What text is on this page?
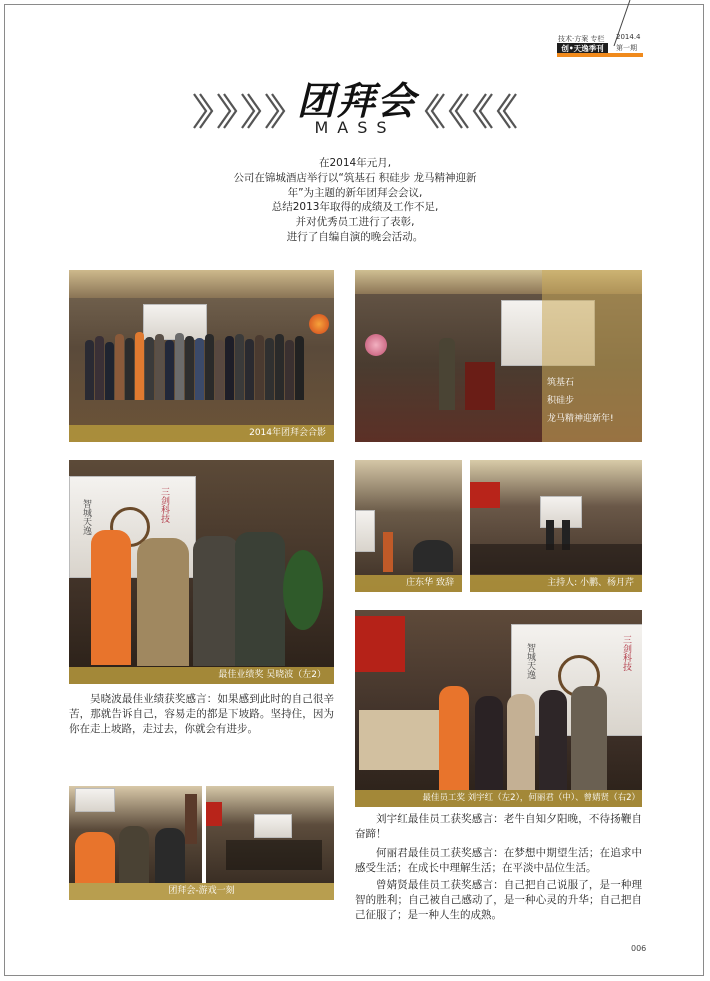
技术·方案 专栏
创•天逸季刊
2014.4
第一期
团拜会
MASS
在2014年元月,
公司在锦城酒店举行以“筑基石 积硅步 龙马精神迎新
年”为主题的新年团拜会会议,
总结2013年取得的成绩及工作不足,
并对优秀员工进行了表彰,
进行了自编自演的晚会活动。
2014年团拜会合影
筑基石
积硅步
龙马精神迎新年!
智城天逸	三剑科技
最佳业绩奖 吴晓波（左2）
庄东华 致辞	主持人: 小鹏、杨月芹
智城天逸	三剑科技
最佳员工奖 刘宇红（左2），何丽君（中）、曾婧贤（右2）
团拜会-游戏一刻
吴晓波最佳业绩获奖感言：如果感到此时的自己很辛苦，那就告诉自己，容易走的都是下坡路。坚持住，因为你在走上坡路，走过去，你就会有进步。
刘宇红最佳员工获奖感言：老牛自知夕阳晚，不待扬鞭自奋蹄！
何丽君最佳员工获奖感言：在梦想中期望生活；在追求中感受生活；在成长中理解生活；在平淡中品位生活。
曾婧贤最佳员工获奖感言：自己把自己说服了，是一种理智的胜利；自己被自己感动了，是一种心灵的升华；自己把自己征服了；是一种人生的成熟。
006
